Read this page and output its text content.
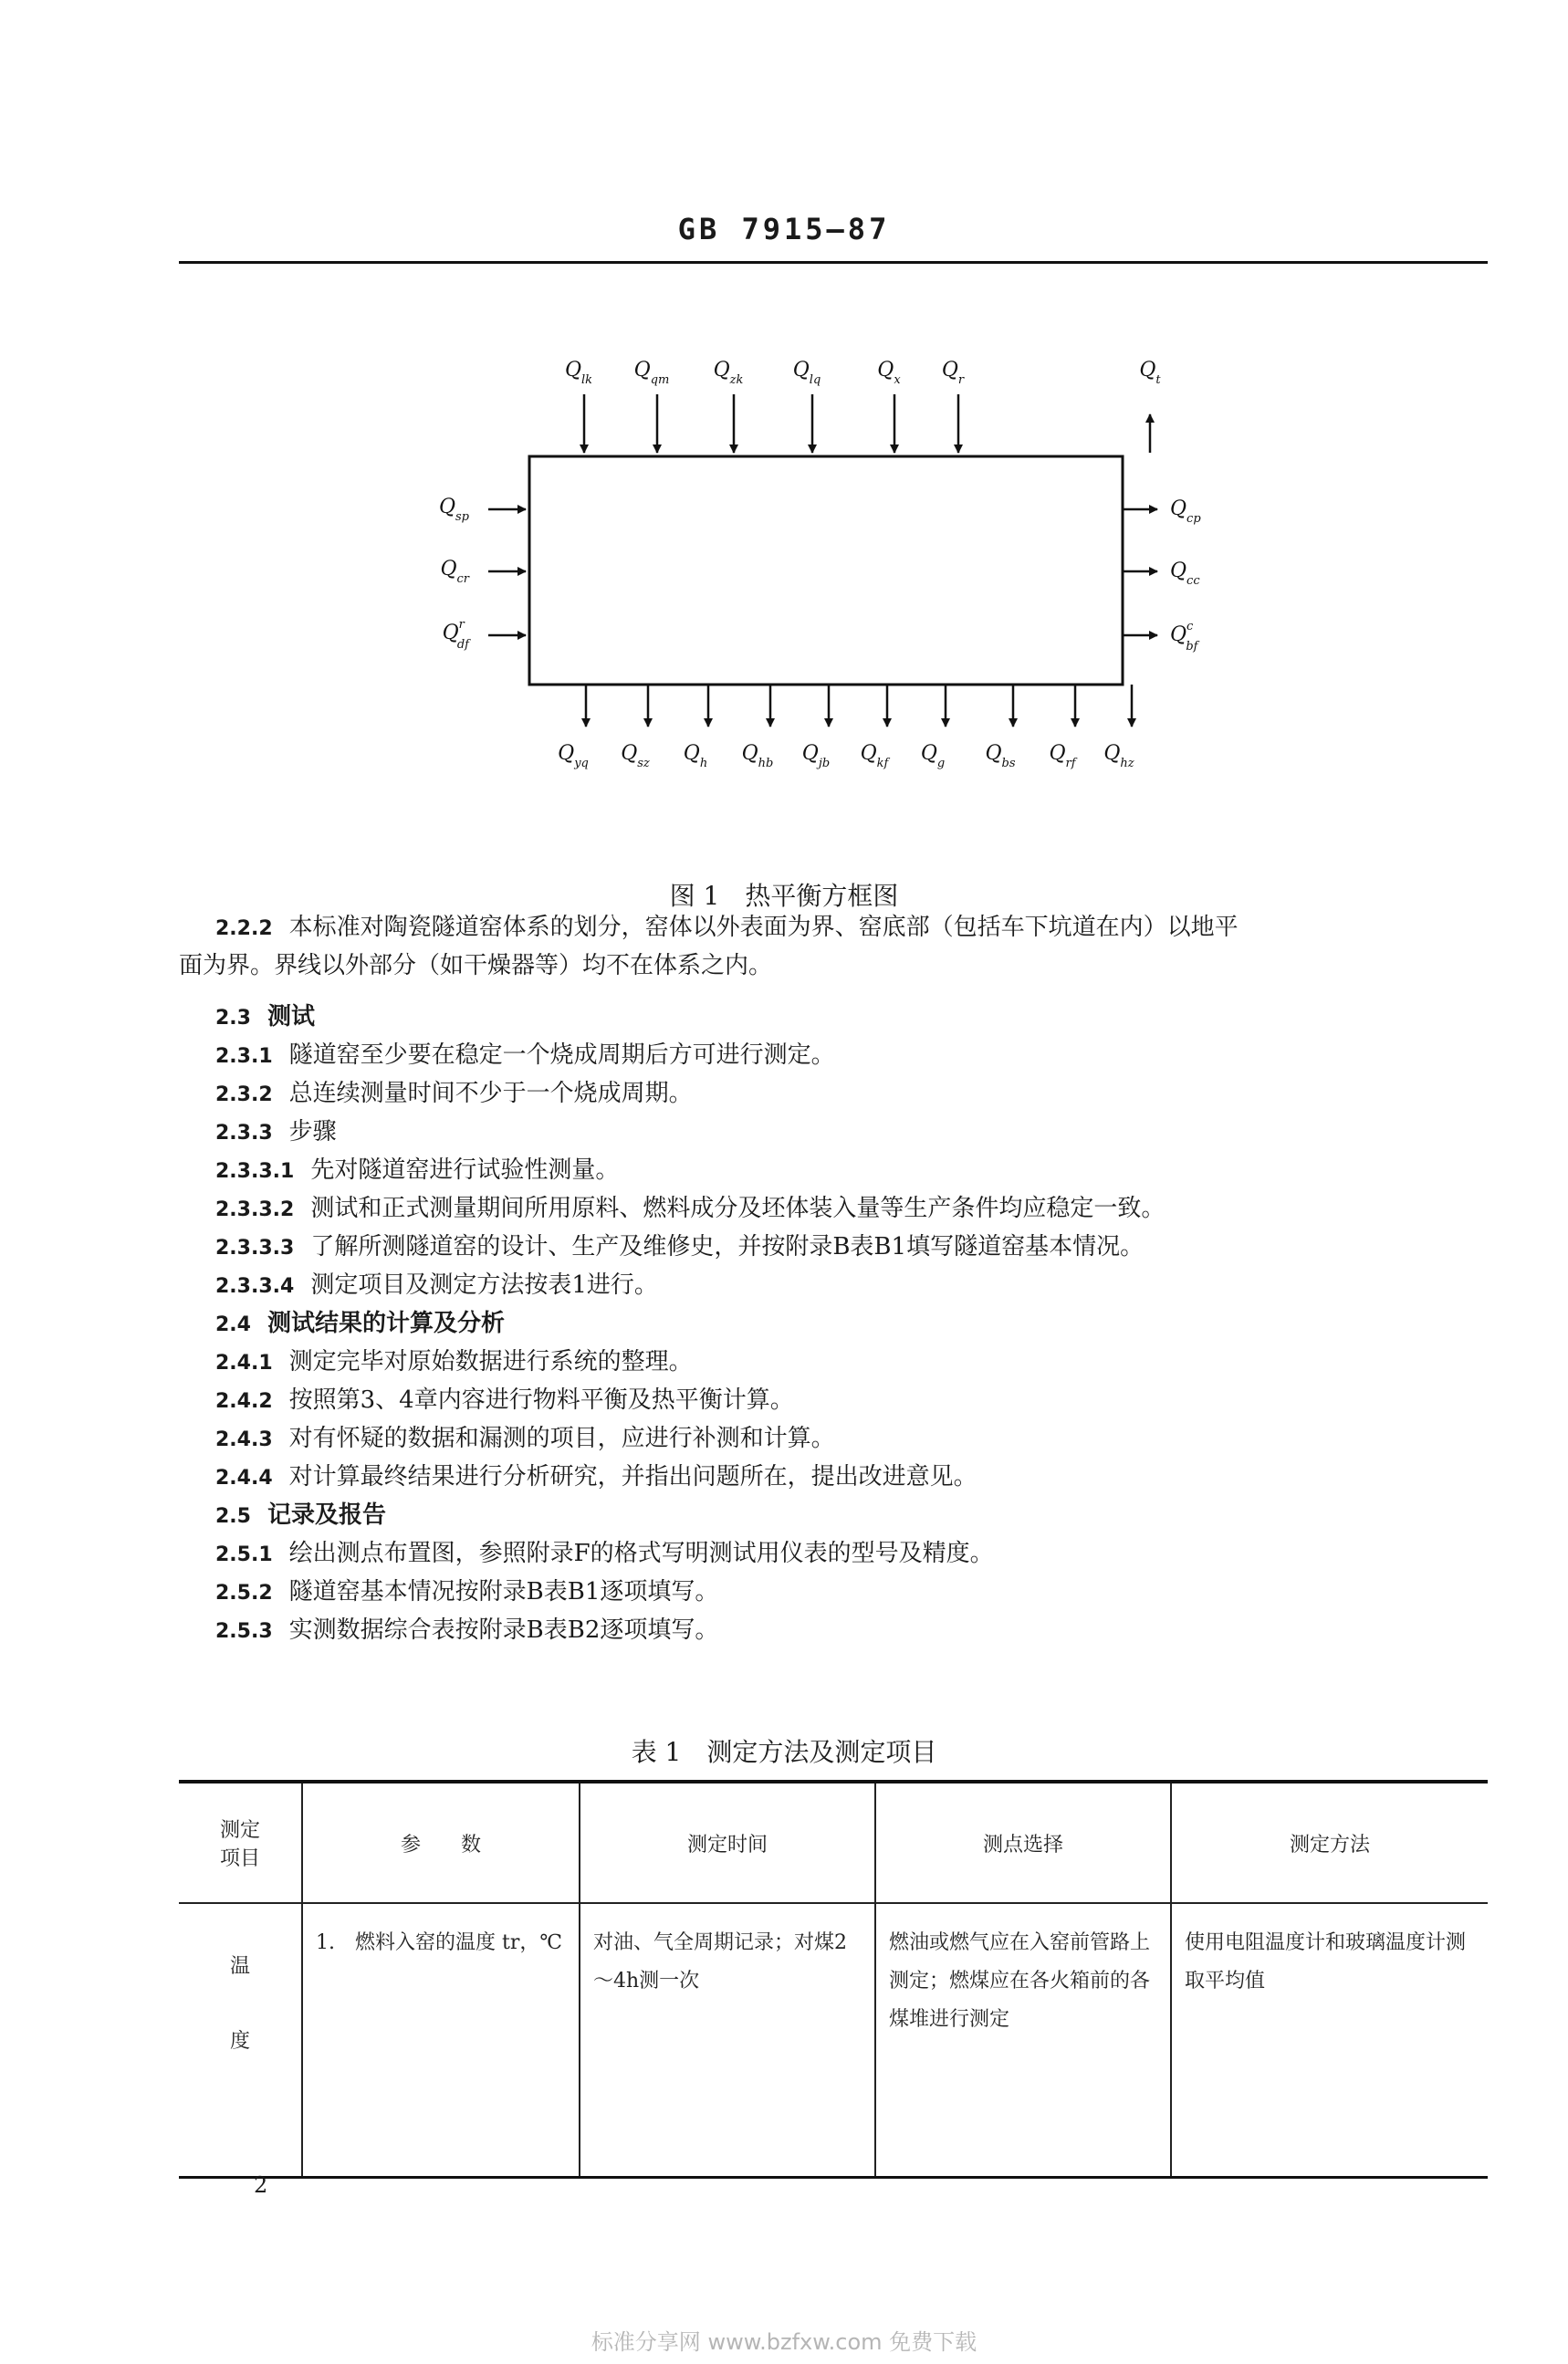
GB 7915—87
$Q_{lk}$ $Q_{qm}$ $Q_{zk}$ $Q_{lq}$	$Q_x$ $Q_r$	$Q_t$
$Q_{sp}$
$Q_{cr}$
$Q^r$ df
$Q_{cp}$
$Q_{cc}$
$Q^c$ bf
$Q_{yq}$ $Q_{sz}$ $Q_h$ $Q_{hb}$ $Q_{jb}$ $Q_{kf}$ $Q_g$ $Q_{bs}$ $Q_{rf}$ $Q_{hz}$
图 1　热平衡方框图
2.2.2 本标准对陶瓷隧道窑体系的划分，窑体以外表面为界、窑底部（包括车下坑道在内）以地平
面为界。界线以外部分（如干燥器等）均不在体系之内。
2.3 测试
2.3.1 隧道窑至少要在稳定一个烧成周期后方可进行测定。
2.3.2 总连续测量时间不少于一个烧成周期。
2.3.3 步骤
2.3.3.1 先对隧道窑进行试验性测量。
2.3.3.2 测试和正式测量期间所用原料、燃料成分及坯体装入量等生产条件均应稳定一致。
2.3.3.3 了解所测隧道窑的设计、生产及维修史，并按附录B表B1填写隧道窑基本情况。
2.3.3.4 测定项目及测定方法按表1进行。
2.4 测试结果的计算及分析
2.4.1 测定完毕对原始数据进行系统的整理。
2.4.2 按照第3、4章内容进行物料平衡及热平衡计算。
2.4.3 对有怀疑的数据和漏测的项目，应进行补测和计算。
2.4.4 对计算最终结果进行分析研究，并指出问题所在，提出改进意见。
2.5 记录及报告
2.5.1 绘出测点布置图，参照附录F的格式写明测试用仪表的型号及精度。
2.5.2 隧道窑基本情况按附录B表B1逐项填写。
2.5.3 实测数据综合表按附录B表B2逐项填写。
表 1　测定方法及测定项目
测定
项目	参　　数	测定时间	测点选择	测定方法

温
度	1.　燃料入窑的温度 tr，℃	对油、气全周期记录；对煤2～4h测一次	燃油或燃气应在入窑前管路上测定；燃煤应在各火箱前的各煤堆进行测定	使用电阻温度计和玻璃温度计测取平均值
2
标准分享网 www.bzfxw.com 免费下载
